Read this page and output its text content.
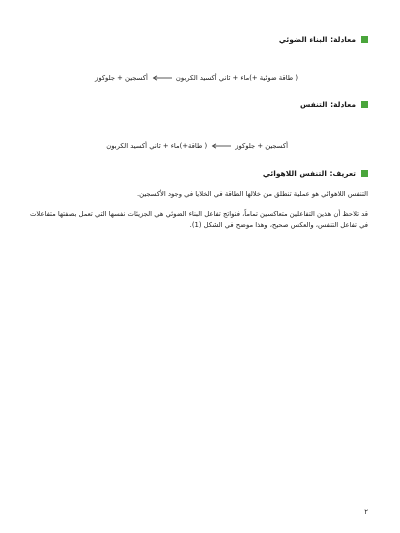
معادلة: البناء الضوئي
( طاقة ضوئية +)ماء + ثاني أكسيد الكربون
أكسجين + جلوكوز
معادلة: التنفس
أكسجين + جلوكوز
( طاقة+)ماء + ثاني أكسيد الكربون
تعريف: التنفس اللاهوائي

التنفس اللاهوائي هو عملية تنطلق من خلالها الطاقة في الخلايا في وجود الأكسجين.

قد تلاحظ أن هذين التفاعلين متعاكسين تماماً، فنواتج تفاعل البناء الضوئي هي الجزيئات نفسها التي تعمل بصفتها متفاعلات في تفاعل التنفس، والعكس صحيح، وهذا موضح في الشكل (1).

٢
